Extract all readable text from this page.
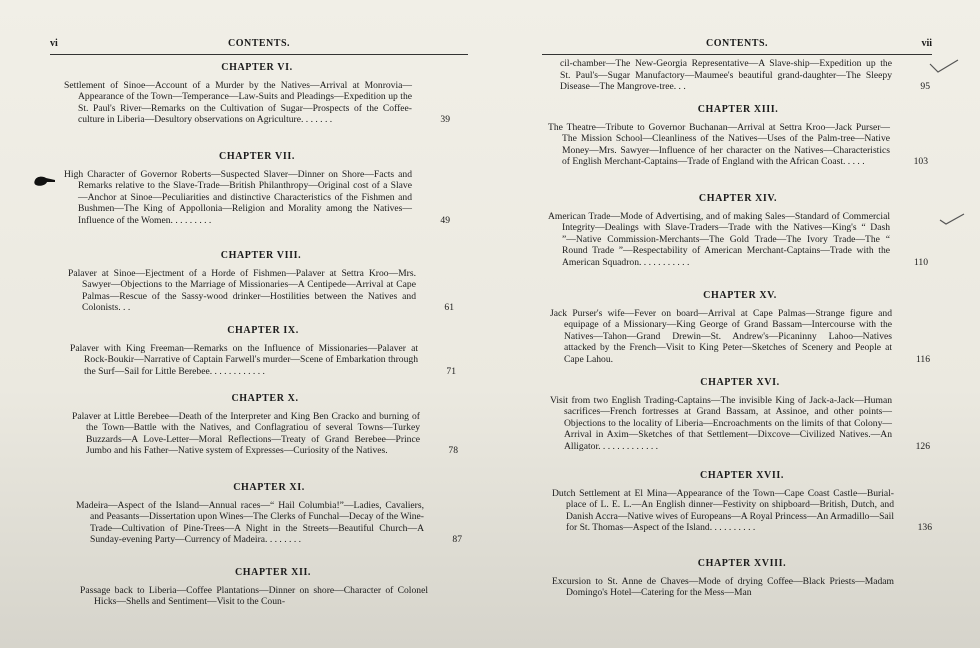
vi	CONTENTS.
CHAPTER VI.
Settlement of Sinoe—Account of a Murder by the Natives—Arrival at Monrovia—Appearance of the Town—Temperance—Law-Suits and Pleadings—Expedition up the St. Paul's River—Remarks on the Cultivation of Sugar—Prospects of the Coffee-culture in Liberia—Desultory observations on Agriculture. . . . . . .	39
CHAPTER VII.
High Character of Governor Roberts—Suspected Slaver—Dinner on Shore—Facts and Remarks relative to the Slave-Trade—British Philanthropy—Original cost of a Slave—Anchor at Sinoe—Peculiarities and distinctive Characteristics of the Fishmen and Bushmen—The King of Appollonia—Religion and Morality among the Natives—Influence of the Women. . . . . . . . .	49
CHAPTER VIII.
Palaver at Sinoe—Ejectment of a Horde of Fishmen—Palaver at Settra Kroo—Mrs. Sawyer—Objections to the Marriage of Missionaries—A Centipede—Arrival at Cape Palmas—Rescue of the Sassy-wood drinker—Hostilities between the Natives and Colonists. . .	61
CHAPTER IX.
Palaver with King Freeman—Remarks on the Influence of Missionaries—Palaver at Rock-Boukir—Narrative of Captain Farwell's murder—Scene of Embarkation through the Surf—Sail for Little Berebee. . . . . . . . . . . .	71
CHAPTER X.
Palaver at Little Berebee—Death of the Interpreter and King Ben Cracko and burning of the Town—Battle with the Natives, and Conflagratiou of several Towns—Turkey Buzzards—A Love-Letter—Moral Reflections—Treaty of Grand Berebee—Prince Jumbo and his Father—Native system of Expresses—Curiosity of the Natives.	78
CHAPTER XI.
Madeira—Aspect of the Island—Annual races—“ Hail Columbia!”—Ladies, Cavaliers, and Peasants—Dissertation upon Wines—The Clerks of Funchal—Decay of the Wine-Trade—Cultivation of Pine-Trees—A Night in the Streets—Beautiful Church—A Sunday-evening Party—Currency of Madeira. . . . . . . .	87
CHAPTER XII.
Passage back to Liberia—Coffee Plantations—Dinner on shore—Character of Colonel Hicks—Shells and Sentiment—Visit to the Coun-
CONTENTS.	vii
cil-chamber—The New-Georgia Representative—A Slave-ship—Expedition up the St. Paul's—Sugar Manufactory—Maumee's beautiful grand-daughter—The Sleepy Disease—The Mangrove-tree. . .	95
CHAPTER XIII.
The Theatre—Tribute to Governor Buchanan—Arrival at Settra Kroo—Jack Purser—The Mission School—Cleanliness of the Natives—Uses of the Palm-tree—Native Money—Mrs. Sawyer—Influence of her character on the Natives—Characteristics of English Merchant-Captains—Trade of England with the African Coast. . . . .	103
CHAPTER XIV.
American Trade—Mode of Advertising, and of making Sales—Standard of Commercial Integrity—Dealings with Slave-Traders—Trade with the Natives—King's “ Dash ”—Native Commission-Merchants—The Gold Trade—The Ivory Trade—The “ Round Trade ”—Respectability of American Merchant-Captains—Trade with the American Squadron. . . . . . . . . . .	110
CHAPTER XV.
Jack Purser's wife—Fever on board—Arrival at Cape Palmas—Strange figure and equipage of a Missionary—King George of Grand Bassam—Intercourse with the Natives—Tahon—Grand Drewin—St. Andrew's—Picaninny Lahoo—Natives attacked by the French—Visit to King Peter—Sketches of Scenery and People at Cape Lahou.	116
CHAPTER XVI.
Visit from two English Trading-Captains—The invisible King of Jack-a-Jack—Human sacrifices—French fortresses at Grand Bassam, at Assinoe, and other points—Objections to the locality of Liberia—Encroachments on the limits of that Colony—Arrival in Axim—Sketches of that Settlement—Dixcove—Civilized Natives.—An Alligator. . . . . . . . . . . . .	126
CHAPTER XVII.
Dutch Settlement at El Mina—Appearance of the Town—Cape Coast Castle—Burial-place of L. E. L.—An English dinner—Festivity on shipboard—British, Dutch, and Danish Accra—Native wives of Europeans—A Royal Princess—An Armadillo—Sail for St. Thomas—Aspect of the Island. . . . . . . . . .	136
CHAPTER XVIII.
Excursion to St. Anne de Chaves—Mode of drying Coffee—Black Priests—Madam Domingo's Hotel—Catering for the Mess—Man
